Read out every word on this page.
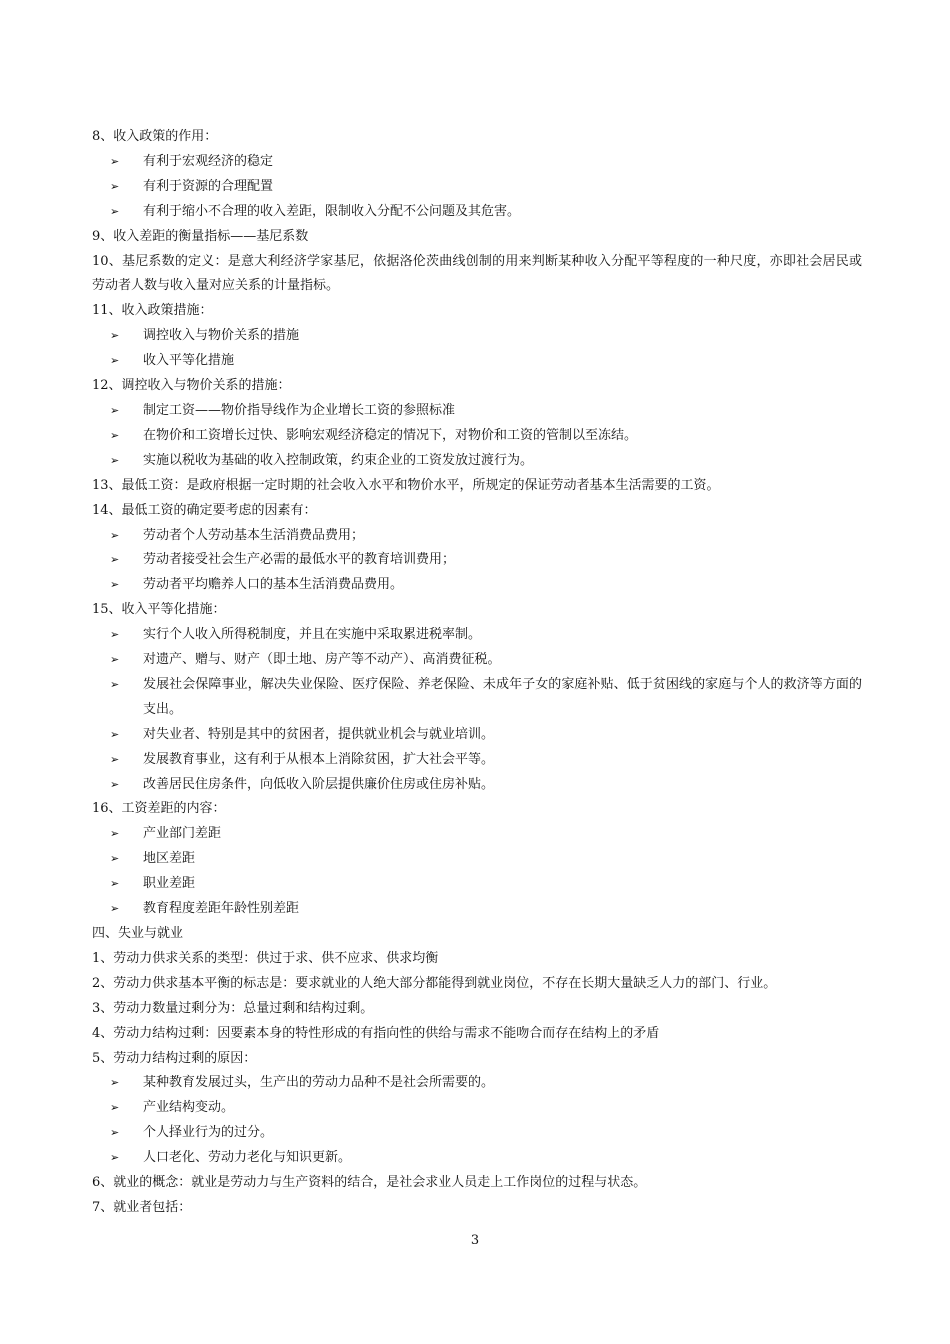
8、收入政策的作用：
➢ 有利于宏观经济的稳定
➢ 有利于资源的合理配置
➢ 有利于缩小不合理的收入差距，限制收入分配不公问题及其危害。
9、收入差距的衡量指标——基尼系数
10、基尼系数的定义：是意大利经济学家基尼，依据洛伦茨曲线创制的用来判断某种收入分配平等程度的一种尺度，亦即社会居民或劳动者人数与收入量对应关系的计量指标。
11、收入政策措施：
➢ 调控收入与物价关系的措施
➢ 收入平等化措施
12、调控收入与物价关系的措施：
➢ 制定工资——物价指导线作为企业增长工资的参照标准
➢ 在物价和工资增长过快、影响宏观经济稳定的情况下，对物价和工资的管制以至冻结。
➢ 实施以税收为基础的收入控制政策，约束企业的工资发放过渡行为。
13、最低工资：是政府根据一定时期的社会收入水平和物价水平，所规定的保证劳动者基本生活需要的工资。
14、最低工资的确定要考虑的因素有：
➢ 劳动者个人劳动基本生活消费品费用；
➢ 劳动者接受社会生产必需的最低水平的教育培训费用；
➢ 劳动者平均赡养人口的基本生活消费品费用。
15、收入平等化措施：
➢ 实行个人收入所得税制度，并且在实施中采取累进税率制。
➢ 对遗产、赠与、财产（即土地、房产等不动产）、高消费征税。
➢ 发展社会保障事业，解决失业保险、医疗保险、养老保险、未成年子女的家庭补贴、低于贫困线的家庭与个人的救济等方面的支出。
➢ 对失业者、特别是其中的贫困者，提供就业机会与就业培训。
➢ 发展教育事业，这有利于从根本上消除贫困，扩大社会平等。
➢ 改善居民住房条件，向低收入阶层提供廉价住房或住房补贴。
16、工资差距的内容：
➢ 产业部门差距
➢ 地区差距
➢ 职业差距
➢ 教育程度差距年龄性别差距
四、失业与就业
1、劳动力供求关系的类型：供过于求、供不应求、供求均衡
2、劳动力供求基本平衡的标志是：要求就业的人绝大部分都能得到就业岗位，不存在长期大量缺乏人力的部门、行业。
3、劳动力数量过剩分为：总量过剩和结构过剩。
4、劳动力结构过剩：因要素本身的特性形成的有指向性的供给与需求不能吻合而存在结构上的矛盾
5、劳动力结构过剩的原因：
➢ 某种教育发展过头，生产出的劳动力品种不是社会所需要的。
➢ 产业结构变动。
➢ 个人择业行为的过分。
➢ 人口老化、劳动力老化与知识更新。
6、就业的概念：就业是劳动力与生产资料的结合，是社会求业人员走上工作岗位的过程与状态。
7、就业者包括：
3
